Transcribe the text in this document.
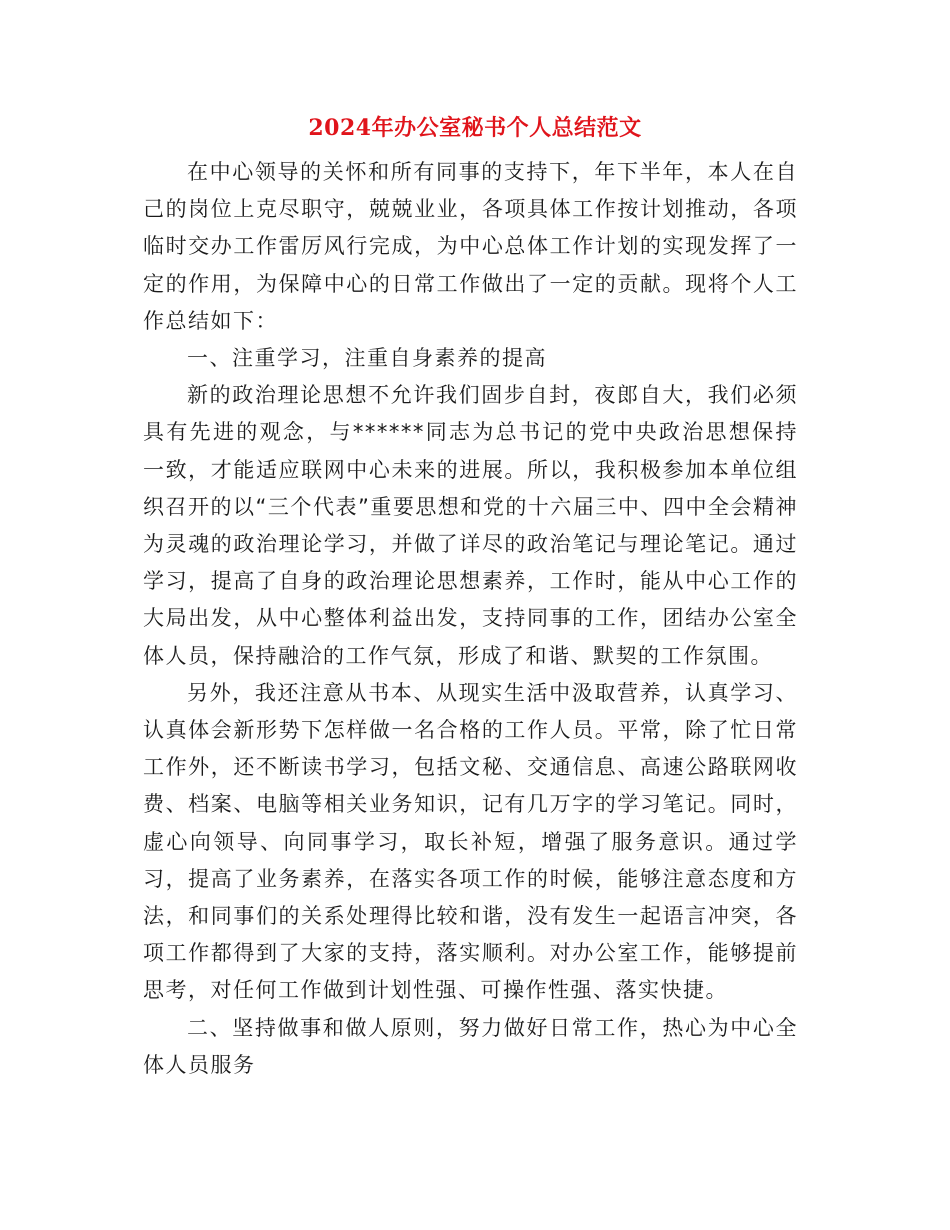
2024年办公室秘书个人总结范文

在中心领导的关怀和所有同事的支持下，年下半年，本人在自己的岗位上克尽职守，兢兢业业，各项具体工作按计划推动，各项临时交办工作雷厉风行完成，为中心总体工作计划的实现发挥了一定的作用，为保障中心的日常工作做出了一定的贡献。现将个人工作总结如下：

一、注重学习，注重自身素养的提高

新的政治理论思想不允许我们固步自封，夜郎自大，我们必须具有先进的观念，与******同志为总书记的党中央政治思想保持一致，才能适应联网中心未来的进展。所以，我积极参加本单位组织召开的以“三个代表”重要思想和党的十六届三中、四中全会精神为灵魂的政治理论学习，并做了详尽的政治笔记与理论笔记。通过学习，提高了自身的政治理论思想素养，工作时，能从中心工作的大局出发，从中心整体利益出发，支持同事的工作，团结办公室全体人员，保持融洽的工作气氛，形成了和谐、默契的工作氛围。

另外，我还注意从书本、从现实生活中汲取营养，认真学习、认真体会新形势下怎样做一名合格的工作人员。平常，除了忙日常工作外，还不断读书学习，包括文秘、交通信息、高速公路联网收费、档案、电脑等相关业务知识，记有几万字的学习笔记。同时，虚心向领导、向同事学习，取长补短，增强了服务意识。通过学习，提高了业务素养，在落实各项工作的时候，能够注意态度和方法，和同事们的关系处理得比较和谐，没有发生一起语言冲突，各项工作都得到了大家的支持，落实顺利。对办公室工作，能够提前思考，对任何工作做到计划性强、可操作性强、落实快捷。

二、坚持做事和做人原则，努力做好日常工作，热心为中心全体人员服务
